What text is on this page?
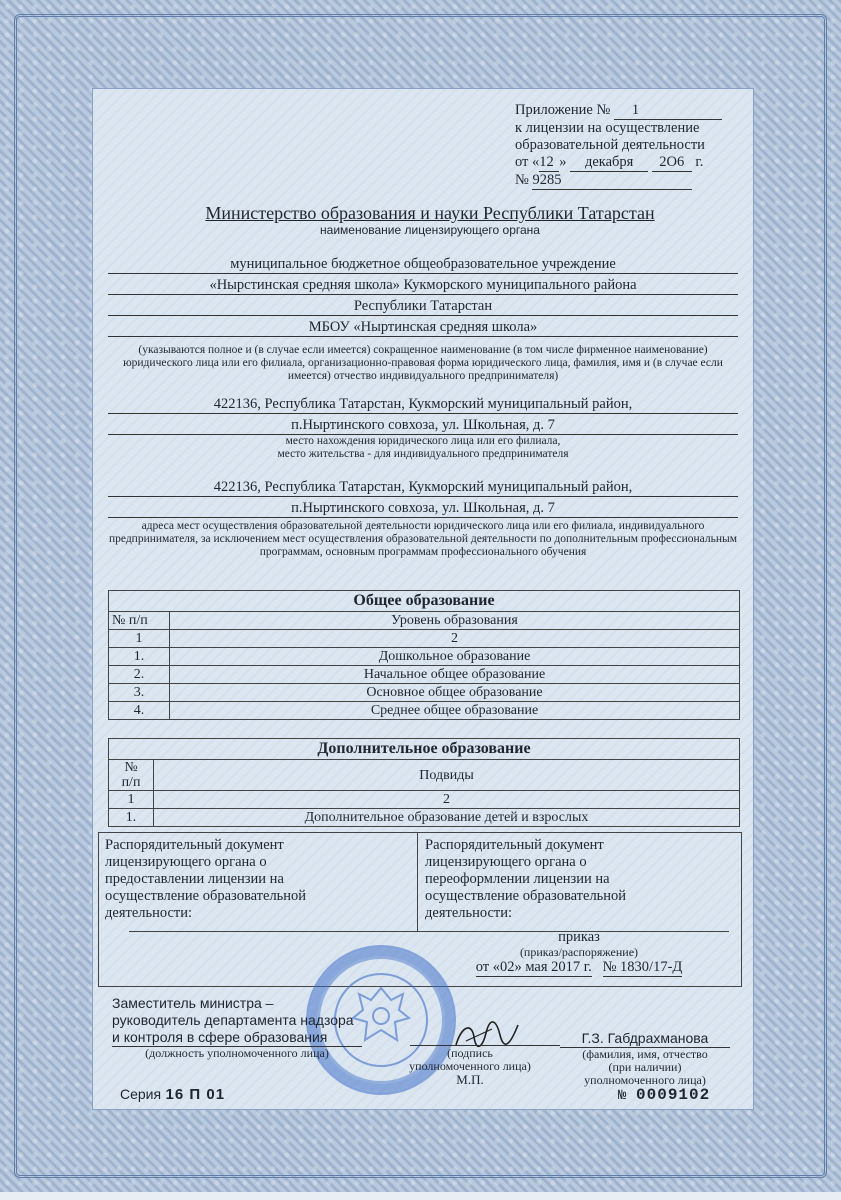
Приложение № 1
к лицензии на осуществление
образовательной деятельности
от «12 » декабря 2О6 г.
№ 9285
Министерство образования и науки Республики Татарстан
наименование лицензирующего органа
муниципальное бюджетное общеобразовательное учреждение
«Нырстинская средняя школа» Кукморского муниципального района
Республики Татарстан
МБОУ «Ныртинская средняя школа»
(указываются полное и (в случае если имеется) сокращенное наименование (в том числе фирменное наименование) юридического лица или его филиала, организационно-правовая форма юридического лица, фамилия, имя и (в случае если имеется) отчество индивидуального предпринимателя)
422136, Республика Татарстан, Кукморский муниципальный район,
п.Ныртинского совхоза, ул. Школьная, д. 7
место нахождения юридического лица или его филиала,
место жительства - для индивидуального предпринимателя
422136, Республика Татарстан, Кукморский муниципальный район,
п.Ныртинского совхоза, ул. Школьная, д. 7
адреса мест осуществления образовательной деятельности юридического лица или его филиала, индивидуального предпринимателя, за исключением мест осуществления образовательной деятельности по дополнительным профессиональным программам, основным программам профессионального обучения
Общее образование	
№ п/п	Уровень образования
1	2
1.	Дошкольное образование
2.	Начальное общее образование
3.	Основное общее образование
4.	Среднее общее образование
Дополнительное образование	

№
п/п	Подвиды
1	2
1.	Дополнительное образование детей и взрослых
Распорядительный документ
лицензирующего органа о
предоставлении лицензии на
осуществление образовательной
деятельности:
Распорядительный документ
лицензирующего органа о
переоформлении лицензии на
осуществление образовательной
деятельности:
приказ
(приказ/распоряжение)
от «02» мая 2017 г. № 1830/17-Д
Заместитель министра –
руководитель департамента надзора
и контроля в сфере образования
(должность уполномоченного лица)	(подпись
уполномоченного лица)
М.П.
Г.З. Габдрахманова
(фамилия, имя, отчество
(при наличии)
уполномоченного лица)
Серия 16 П 01	№ 0009102
